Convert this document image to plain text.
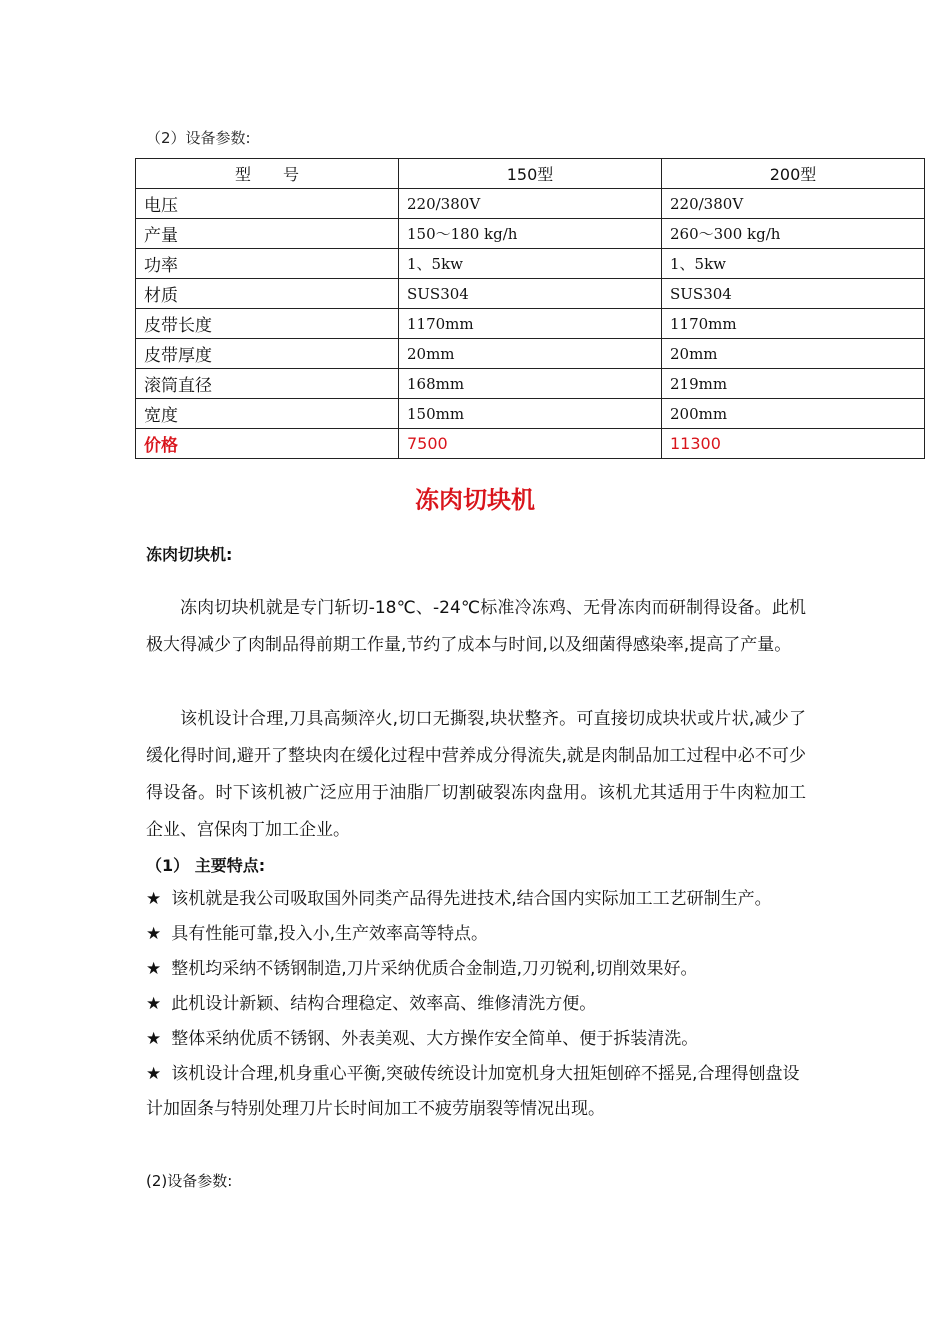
（2）设备参数:
型　　号	150型	200型
电压	220/380V	220/380V
产量	150～180 kg/h	260～300 kg/h
功率	1、5kw	1、5kw
材质	SUS304	SUS304
皮带长度	1170mm	1170mm
皮带厚度	20mm	20mm
滚筒直径	168mm	219mm
宽度	150mm	200mm
价格	7500	11300
冻肉切块机
冻肉切块机:

冻肉切块机就是专门斩切-18℃、-24℃标准冷冻鸡、无骨冻肉而研制得设备。此机极大得减少了肉制品得前期工作量,节约了成本与时间,以及细菌得感染率,提高了产量。

该机设计合理,刀具高频淬火,切口无撕裂,块状整齐。可直接切成块状或片状,减少了缓化得时间,避开了整块肉在缓化过程中营养成分得流失,就是肉制品加工过程中必不可少得设备。时下该机被广泛应用于油脂厂切割破裂冻肉盘用。该机尤其适用于牛肉粒加工企业、宫保肉丁加工企业。

（1） 主要特点:
★ 该机就是我公司吸取国外同类产品得先进技术,结合国内实际加工工艺研制生产。
★ 具有性能可靠,投入小,生产效率高等特点。
★ 整机均采纳不锈钢制造,刀片采纳优质合金制造,刀刃锐利,切削效果好。
★ 此机设计新颖、结构合理稳定、效率高、维修清洗方便。
★ 整体采纳优质不锈钢、外表美观、大方操作安全简单、便于拆装清洗。
★ 该机设计合理,机身重心平衡,突破传统设计加宽机身大扭矩刨碎不摇晃,合理得刨盘设计加固条与特别处理刀片长时间加工不疲劳崩裂等情况出现。
(2)设备参数:
